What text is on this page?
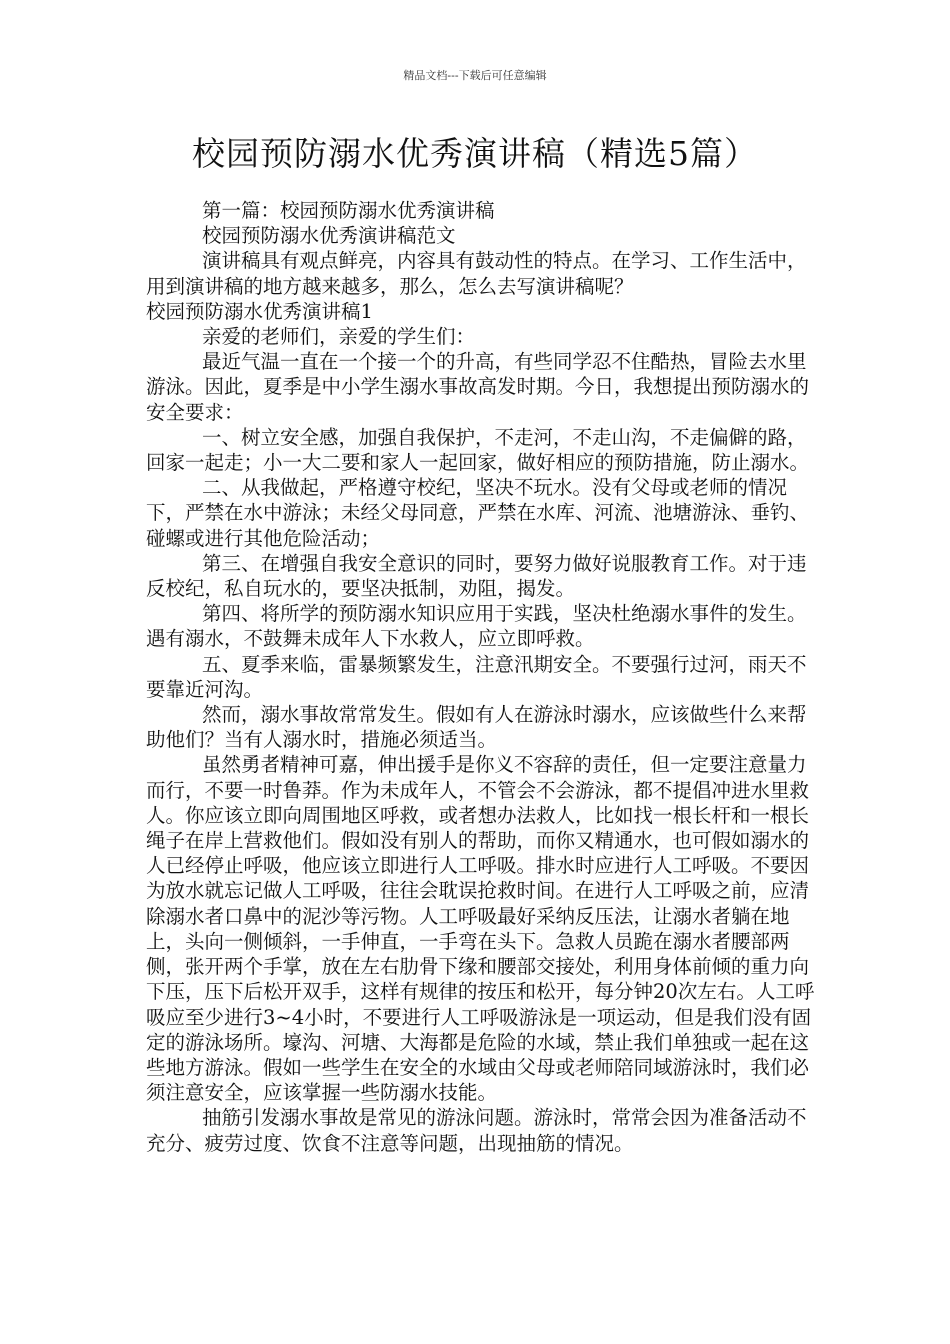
精品文档---下载后可任意编辑
校园预防溺水优秀演讲稿（精选5篇）

第一篇：校园预防溺水优秀演讲稿

校园预防溺水优秀演讲稿范文

演讲稿具有观点鲜亮，内容具有鼓动性的特点。在学习、工作生活中，用到演讲稿的地方越来越多，那么，怎么去写演讲稿呢？

校园预防溺水优秀演讲稿1

亲爱的老师们，亲爱的学生们：

最近气温一直在一个接一个的升高，有些同学忍不住酷热，冒险去水里游泳。因此，夏季是中小学生溺水事故高发时期。今日，我想提出预防溺水的安全要求：

一、树立安全感，加强自我保护，不走河，不走山沟，不走偏僻的路，回家一起走；小一大二要和家人一起回家，做好相应的预防措施，防止溺水。

二、从我做起，严格遵守校纪，坚决不玩水。没有父母或老师的情况下，严禁在水中游泳；未经父母同意，严禁在水库、河流、池塘游泳、垂钓、碰螺或进行其他危险活动；

第三、在增强自我安全意识的同时，要努力做好说服教育工作。对于违反校纪，私自玩水的，要坚决抵制，劝阻，揭发。

第四、将所学的预防溺水知识应用于实践，坚决杜绝溺水事件的发生。遇有溺水，不鼓舞未成年人下水救人，应立即呼救。

五、夏季来临，雷暴频繁发生，注意汛期安全。不要强行过河，雨天不要靠近河沟。

然而，溺水事故常常发生。假如有人在游泳时溺水，应该做些什么来帮助他们？当有人溺水时，措施必须适当。

虽然勇者精神可嘉，伸出援手是你义不容辞的责任，但一定要注意量力而行，不要一时鲁莽。作为未成年人，不管会不会游泳，都不提倡冲进水里救人。你应该立即向周围地区呼救，或者想办法救人，比如找一根长杆和一根长绳子在岸上营救他们。假如没有别人的帮助，而你又精通水，也可假如溺水的人已经停止呼吸，他应该立即进行人工呼吸。排水时应进行人工呼吸。不要因为放水就忘记做人工呼吸，往往会耽误抢救时间。在进行人工呼吸之前，应清除溺水者口鼻中的泥沙等污物。人工呼吸最好采纳反压法，让溺水者躺在地上，头向一侧倾斜，一手伸直，一手弯在头下。急救人员跪在溺水者腰部两侧，张开两个手掌，放在左右肋骨下缘和腰部交接处，利用身体前倾的重力向下压，压下后松开双手，这样有规律的按压和松开，每分钟20次左右。人工呼吸应至少进行3~4小时，不要进行人工呼吸游泳是一项运动，但是我们没有固定的游泳场所。壕沟、河塘、大海都是危险的水域，禁止我们单独或一起在这些地方游泳。假如一些学生在安全的水域由父母或老师陪同域游泳时，我们必须注意安全，应该掌握一些防溺水技能。

抽筋引发溺水事故是常见的游泳问题。游泳时，常常会因为准备活动不充分、疲劳过度、饮食不注意等问题，出现抽筋的情况。
